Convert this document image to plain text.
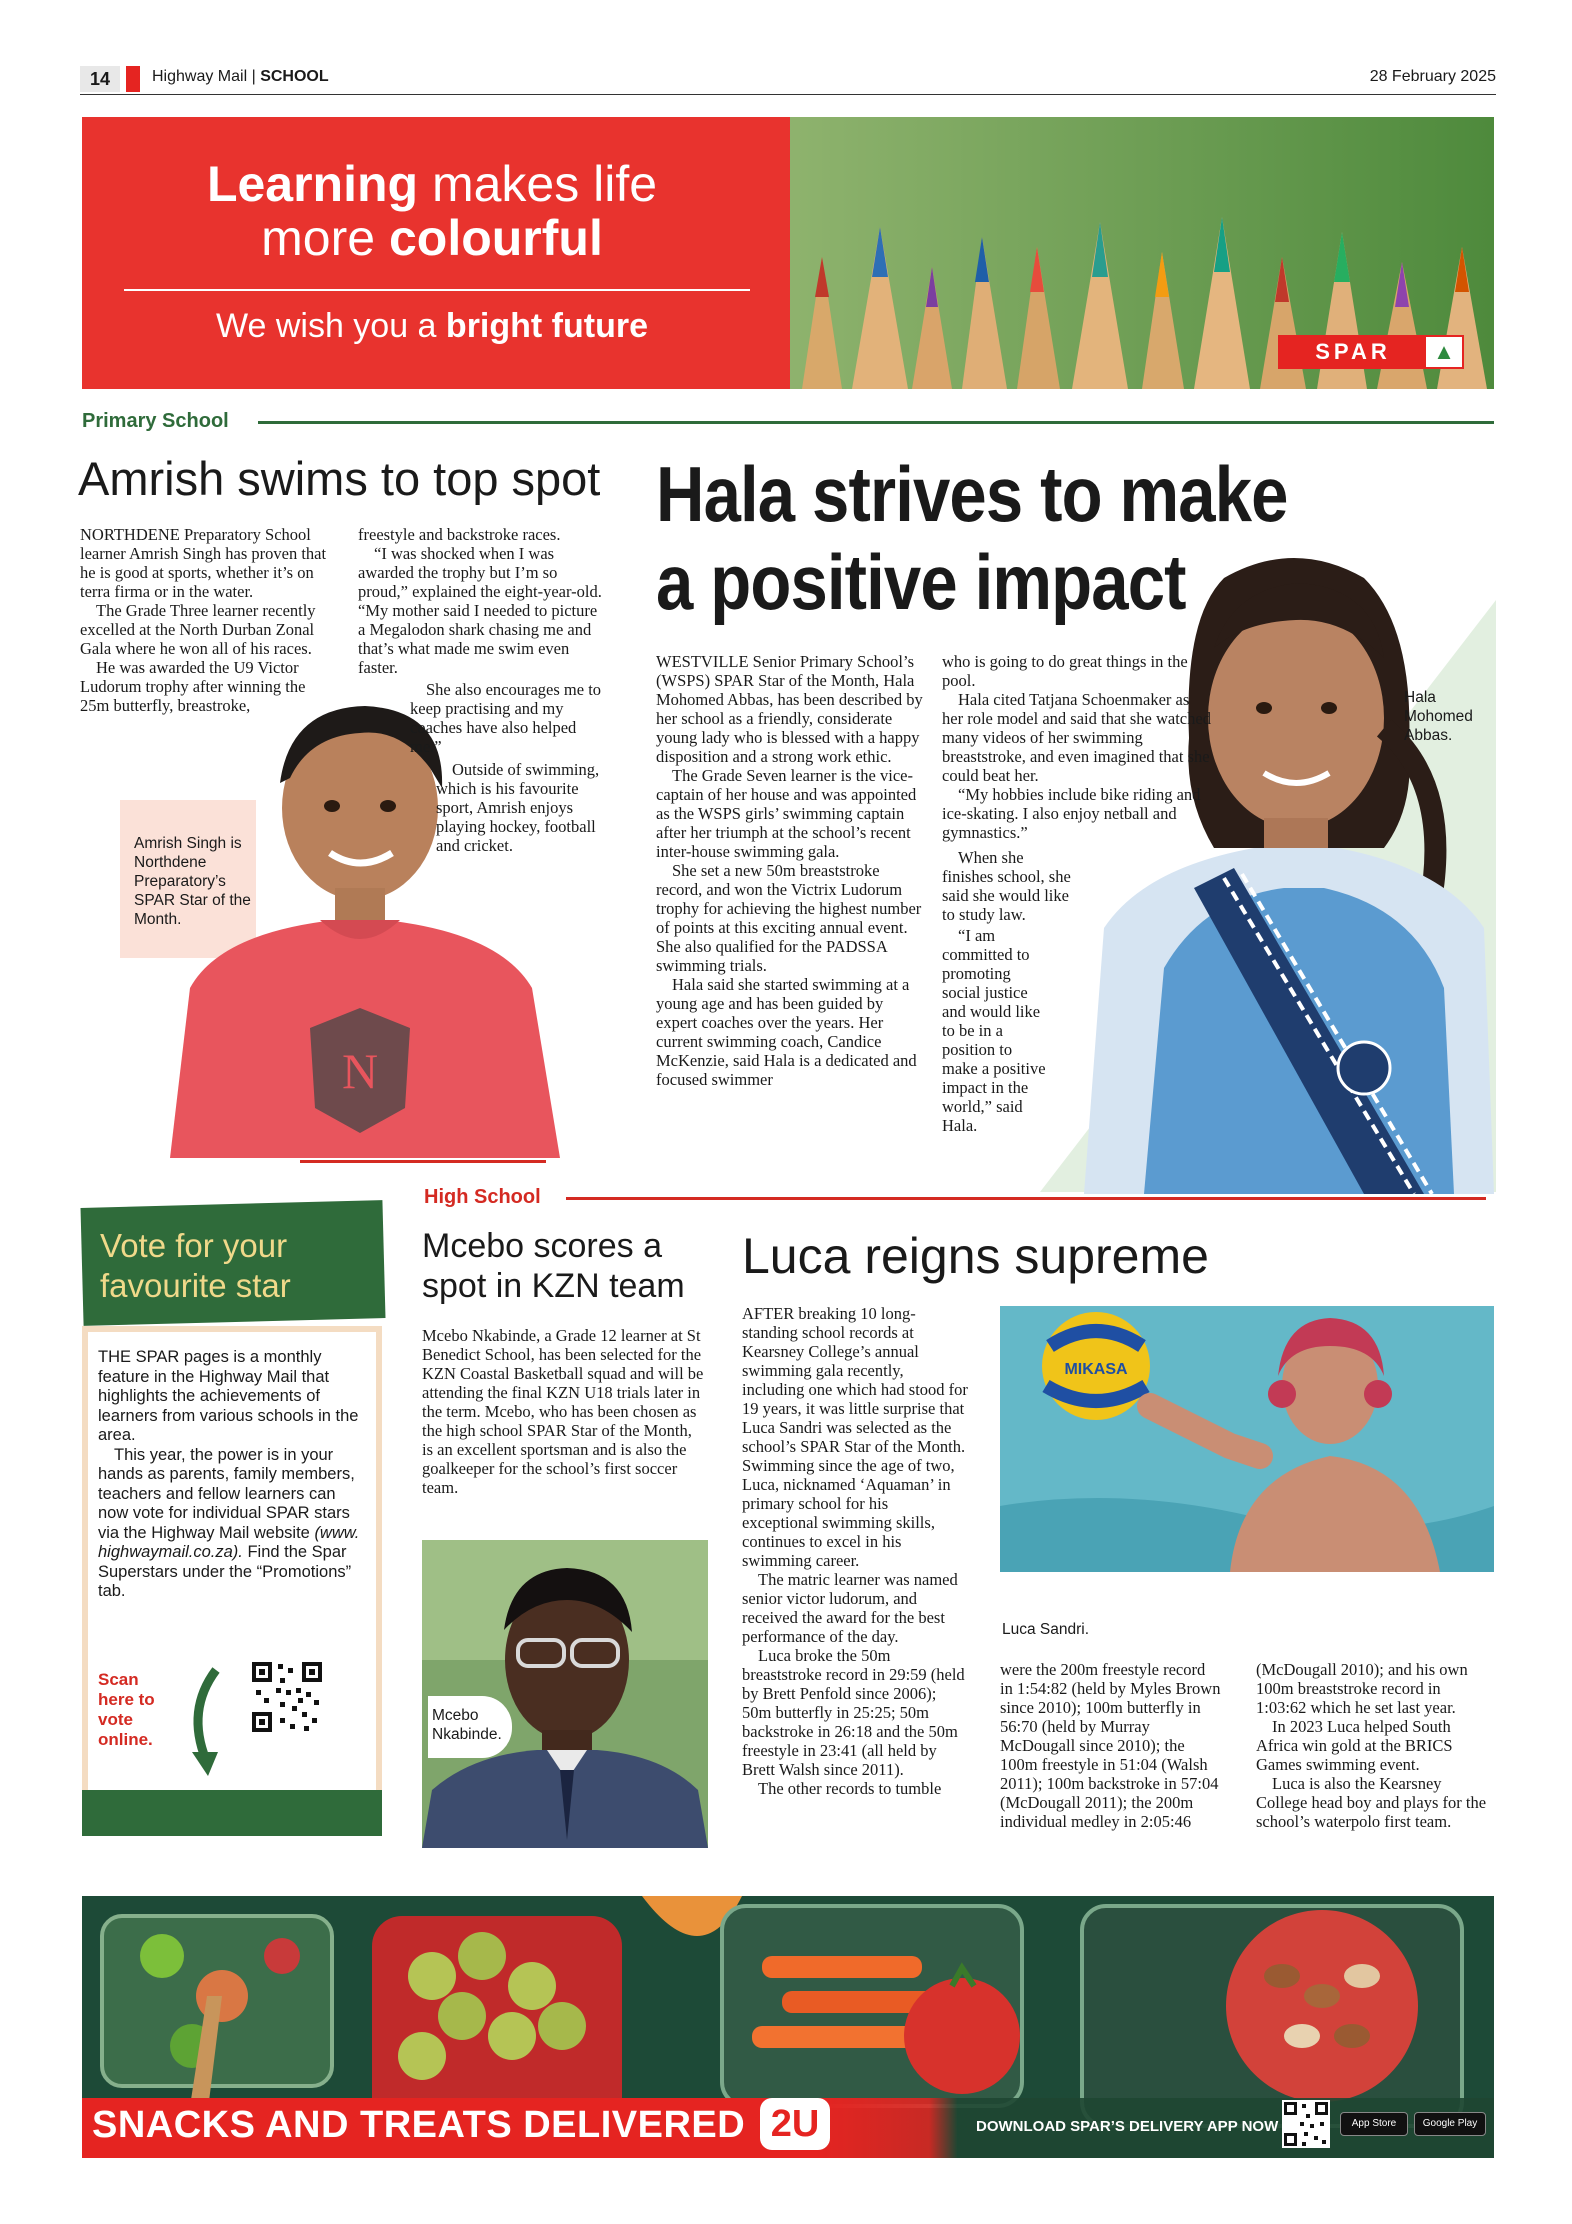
14	Highway Mail | SCHOOL	28 February 2025
Learning makes life
more colourful
We wish you a bright future
SPAR	▲
Primary School
Amrish swims to top spot

NORTHDENE Preparatory School learner Amrish Singh has proven that he is good at sports, whether it’s on terra firma or in the water.

The Grade Three learner recently excelled at the North Durban Zonal Gala where he won all of his races.

He was awarded the U9 Victor Ludorum trophy after winning the 25m butterfly, breastroke,

N
Amrish Singh is Northdene Preparatory’s SPAR Star of the Month.

freestyle and backstroke races.

“I was shocked when I was awarded the trophy but I’m so proud,” explained the eight-year-old. “My mother said I needed to picture a Megalodon shark chasing me and that’s what made me swim even faster.

She also encourages me to keep practising and my coaches have also helped me.”

Outside of swimming, which is his favourite sport, Amrish enjoys playing hockey, football and cricket.

Hala strives to make
a positive impact
Hala Mohomed Abbas.

WESTVILLE Senior Primary School’s (WSPS) SPAR Star of the Month, Hala Mohomed Abbas, has been described by her school as a friendly, considerate young lady who is blessed with a happy disposition and a strong work ethic.

The Grade Seven learner is the vice-captain of her house and was appointed as the WSPS girls’ swimming captain after her triumph at the school’s recent inter-house swimming gala.

She set a new 50m breaststroke record, and won the Victrix Ludorum trophy for achieving the highest number of points at this exciting annual event. She also qualified for the PADSSA swimming trials.

Hala said she started swimming at a young age and has been guided by expert coaches over the years. Her current swimming coach, Candice McKenzie, said Hala is a dedicated and focused swimmer

who is going to do great things in the pool.

Hala cited Tatjana Schoenmaker as her role model and said that she watched many videos of her swimming breaststroke, and even imagined that she could beat her.

“My hobbies include bike riding and ice-skating. I also enjoy netball and gymnastics.”

When she finishes school, she said she would like to study law.

“I am committed to promoting social justice and would like to be in a position to make a positive impact in the world,” said Hala.

High School
Vote for your favourite star

THE SPAR pages is a monthly feature in the Highway Mail that highlights the achievements of learners from various schools in the area.

This year, the power is in your hands as parents, family members, teachers and fellow learners can now vote for individual SPAR stars via the Highway Mail website (www. highwaymail.co.za). Find the Spar Superstars under the “Promotions” tab.

Scan here to vote online.
Mcebo scores a spot in KZN team

Mcebo Nkabinde, a Grade 12 learner at St Benedict School, has been selected for the KZN Coastal Basketball squad and will be attending the final KZN U18 trials later in the term. Mcebo, who has been chosen as the high school SPAR Star of the Month, is an excellent sportsman and is also the goalkeeper for the school’s first soccer team.

Mcebo Nkabinde.
Luca reigns supreme

AFTER breaking 10 long-standing school records at Kearsney College’s annual swimming gala recently, including one which had stood for 19 years, it was little surprise that Luca Sandri was selected as the school’s SPAR Star of the Month. Swimming since the age of two, Luca, nicknamed ‘Aquaman’ in primary school for his exceptional swimming skills, continues to excel in his swimming career.

The matric learner was named senior victor ludorum, and received the award for the best performance of the day.

Luca broke the 50m breaststroke record in 29:59 (held by Brett Penfold since 2006); 50m butterfly in 25:25; 50m backstroke in 26:18 and the 50m freestyle in 23:41 (all held by Brett Walsh since 2011).

The other records to tumble

MIKASA
Luca Sandri.

were the 200m freestyle record in 1:54:82 (held by Myles Brown since 2010); 100m butterfly in 56:70 (held by Murray McDougall since 2010); the 100m freestyle in 51:04 (Walsh 2011); 100m backstroke in 57:04 (McDougall 2011); the 200m individual medley in 2:05:46

(McDougall 2010); and his own 100m breaststroke record in 1:03:62 which he set last year.

In 2023 Luca helped South Africa win gold at the BRICS Games swimming event.

Luca is also the Kearsney College head boy and plays for the school’s waterpolo first team.

SNACKS AND TREATS DELIVERED 2U	DOWNLOAD SPAR’S DELIVERY APP NOW	App Store	Google Play
